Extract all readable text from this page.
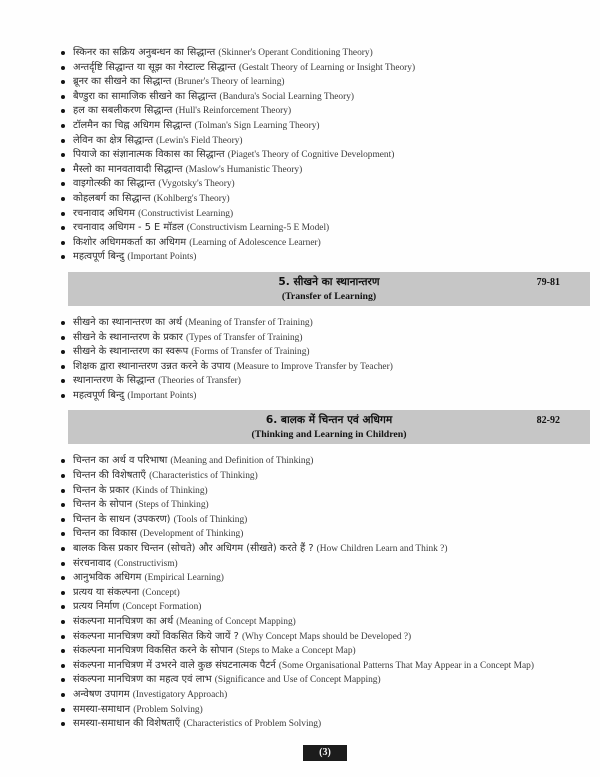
स्किनर का सक्रिय अनुबन्धन का सिद्धान्त (Skinner's Operant Conditioning Theory)
अन्तर्दृष्टि सिद्धान्त या सूझ का गेस्टाल्ट सिद्धान्त (Gestalt Theory of Learning or Insight Theory)
ब्रूनर का सीखने का सिद्धान्त (Bruner's Theory of learning)
बैण्डुरा का सामाजिक सीखने का सिद्धान्त (Bandura's Social Learning Theory)
हल का सबलीकरण सिद्धान्त (Hull's Reinforcement Theory)
टॉलमैन का चिह्न अधिगम सिद्धान्त (Tolman's Sign Learning Theory)
लेविन का क्षेत्र सिद्धान्त (Lewin's Field Theory)
पियाजे का संज्ञानात्मक विकास का सिद्धान्त (Piaget's Theory of Cognitive Development)
मैस्लो का मानवतावादी सिद्धान्त (Maslow's Humanistic Theory)
वाइगोत्स्की का सिद्धान्त (Vygotsky's Theory)
कोहलबर्ग का सिद्धान्त (Kohlberg's Theory)
रचनावाद अधिगम (Constructivist Learning)
रचनावाद अधिगम - 5 E मॉडल (Constructivism Learning-5 E Model)
किशोर अधिगमकर्ता का अधिगम (Learning of Adolescence Learner)
महत्वपूर्ण बिन्दु (Important Points)
5. सीखने का स्थानान्तरण
(Transfer of Learning)
79-81
सीखने का स्थानान्तरण का अर्थ (Meaning of Transfer of Training)
सीखने के स्थानान्तरण के प्रकार (Types of Transfer of Training)
सीखने के स्थानान्तरण का स्वरूप (Forms of Transfer of Training)
शिक्षक द्वारा स्थानान्तरण उन्नत करने के उपाय (Measure to Improve Transfer by Teacher)
स्थानान्तरण के सिद्धान्त (Theories of Transfer)
महत्वपूर्ण बिन्दु (Important Points)
6. बालक में चिन्तन एवं अधिगम
(Thinking and Learning in Children)
82-92
चिन्तन का अर्थ व परिभाषा (Meaning and Definition of Thinking)
चिन्तन की विशेषताएँ (Characteristics of Thinking)
चिन्तन के प्रकार (Kinds of Thinking)
चिन्तन के सोपान (Steps of Thinking)
चिन्तन के साधन (उपकरण) (Tools of Thinking)
चिन्तन का विकास (Development of Thinking)
बालक किस प्रकार चिन्तन (सोचते) और अधिगम (सीखते) करते हैं ? (How Children Learn and Think ?)
संरचनावाद (Constructivism)
आनुभविक अधिगम (Empirical Learning)
प्रत्यय या संकल्पना (Concept)
प्रत्यय निर्माण (Concept Formation)
संकल्पना मानचित्रण का अर्थ (Meaning of Concept Mapping)
संकल्पना मानचित्रण क्यों विकसित किये जायें ? (Why Concept Maps should be Developed ?)
संकल्पना मानचित्रण विकसित करने के सोपान (Steps to Make a Concept Map)
संकल्पना मानचित्रण में उभरने वाले कुछ संघटनात्मक पैटर्न (Some Organisational Patterns That May Appear in a Concept Map)
संकल्पना मानचित्रण का महत्व एवं लाभ (Significance and Use of Concept Mapping)
अन्वेषण उपागम (Investigatory Approach)
समस्या-समाधान (Problem Solving)
समस्या-समाधान की विशेषताएँ (Characteristics of Problem Solving)
(3)
